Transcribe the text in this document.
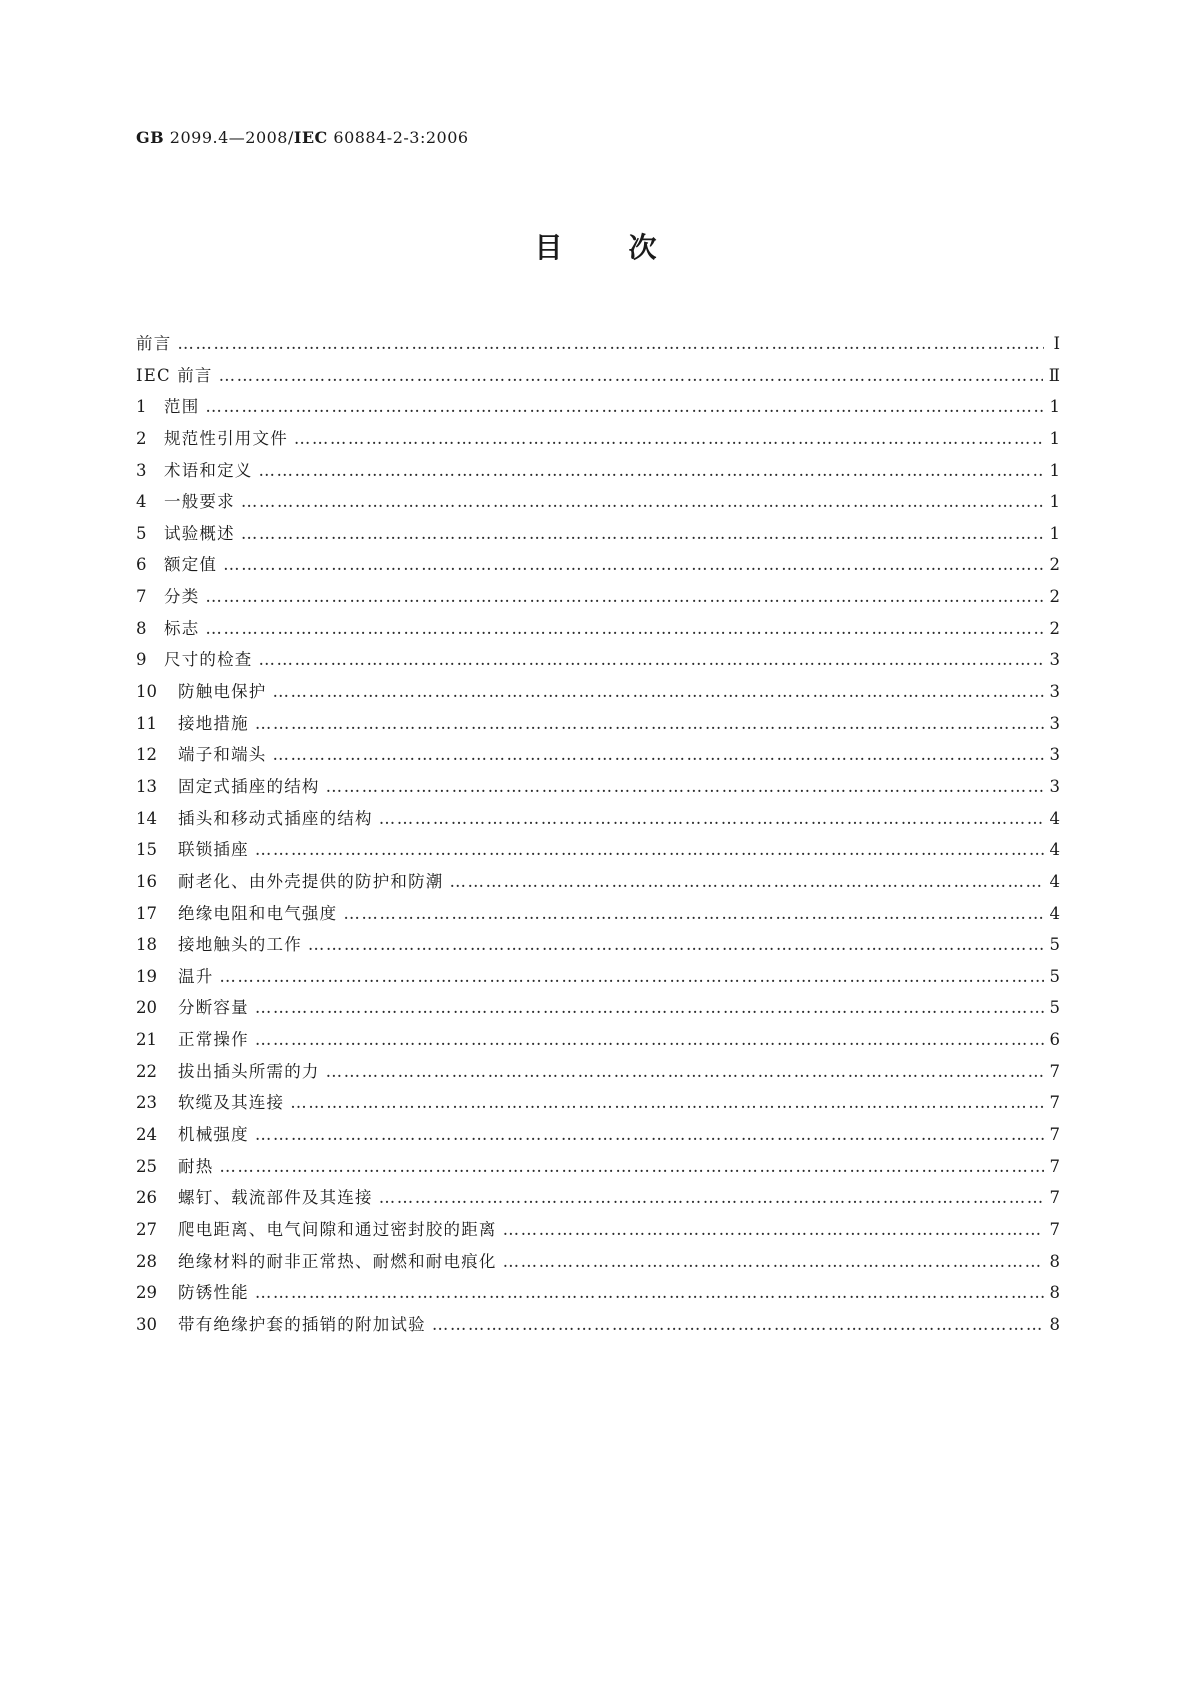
GB 2099.4—2008/IEC 60884-2-3:2006
目次
前言 …………………………………………………………………………………………………………………………………………………………………………………………………………………………………………………	Ⅰ
IEC 前言 …………………………………………………………………………………………………………………………………………………………………………………………………………………………………………………	Ⅱ
1	范围 …………………………………………………………………………………………………………………………………………………………………………………………………………………………………………………	1
2	规范性引用文件 …………………………………………………………………………………………………………………………………………………………………………………………………………………………………………………	1
3	术语和定义 …………………………………………………………………………………………………………………………………………………………………………………………………………………………………………………	1
4	一般要求 …………………………………………………………………………………………………………………………………………………………………………………………………………………………………………………	1
5	试验概述 …………………………………………………………………………………………………………………………………………………………………………………………………………………………………………………	1
6	额定值 …………………………………………………………………………………………………………………………………………………………………………………………………………………………………………………	2
7	分类 …………………………………………………………………………………………………………………………………………………………………………………………………………………………………………………	2
8	标志 …………………………………………………………………………………………………………………………………………………………………………………………………………………………………………………	2
9	尺寸的检查 …………………………………………………………………………………………………………………………………………………………………………………………………………………………………………………	3
10	防触电保护 …………………………………………………………………………………………………………………………………………………………………………………………………………………………………………………	3
11	接地措施 …………………………………………………………………………………………………………………………………………………………………………………………………………………………………………………	3
12	端子和端头 …………………………………………………………………………………………………………………………………………………………………………………………………………………………………………………	3
13	固定式插座的结构 …………………………………………………………………………………………………………………………………………………………………………………………………………………………………………………	3
14	插头和移动式插座的结构 …………………………………………………………………………………………………………………………………………………………………………………………………………………………………………………	4
15	联锁插座 …………………………………………………………………………………………………………………………………………………………………………………………………………………………………………………	4
16	耐老化、由外壳提供的防护和防潮 …………………………………………………………………………………………………………………………………………………………………………………………………………………………………………………	4
17	绝缘电阻和电气强度 …………………………………………………………………………………………………………………………………………………………………………………………………………………………………………………	4
18	接地触头的工作 …………………………………………………………………………………………………………………………………………………………………………………………………………………………………………………	5
19	温升 …………………………………………………………………………………………………………………………………………………………………………………………………………………………………………………	5
20	分断容量 …………………………………………………………………………………………………………………………………………………………………………………………………………………………………………………	5
21	正常操作 …………………………………………………………………………………………………………………………………………………………………………………………………………………………………………………	6
22	拔出插头所需的力 …………………………………………………………………………………………………………………………………………………………………………………………………………………………………………………	7
23	软缆及其连接 …………………………………………………………………………………………………………………………………………………………………………………………………………………………………………………	7
24	机械强度 …………………………………………………………………………………………………………………………………………………………………………………………………………………………………………………	7
25	耐热 …………………………………………………………………………………………………………………………………………………………………………………………………………………………………………………	7
26	螺钉、载流部件及其连接 …………………………………………………………………………………………………………………………………………………………………………………………………………………………………………………	7
27	爬电距离、电气间隙和通过密封胶的距离 …………………………………………………………………………………………………………………………………………………………………………………………………………………………………………………	7
28	绝缘材料的耐非正常热、耐燃和耐电痕化 …………………………………………………………………………………………………………………………………………………………………………………………………………………………………………………	8
29	防锈性能 …………………………………………………………………………………………………………………………………………………………………………………………………………………………………………………	8
30	带有绝缘护套的插销的附加试验 …………………………………………………………………………………………………………………………………………………………………………………………………………………………………………………	8
